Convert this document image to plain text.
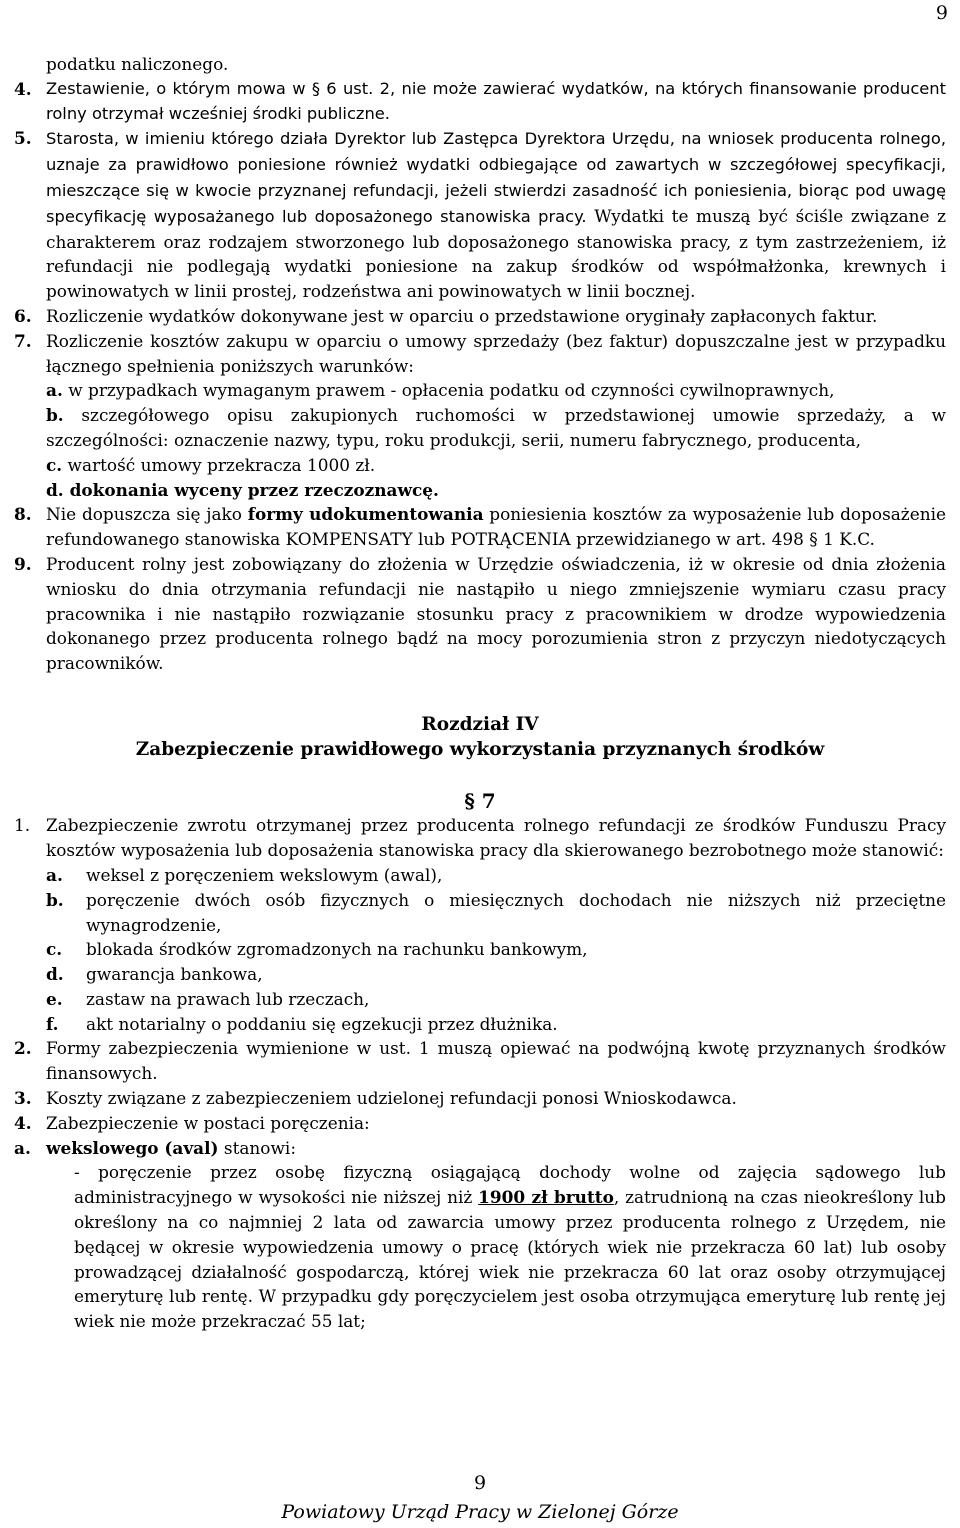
9
podatku naliczonego.
4. Zestawienie, o którym mowa w § 6 ust. 2, nie może zawierać wydatków, na których finansowanie producent rolny otrzymał wcześniej środki publiczne.
5. Starosta, w imieniu którego działa Dyrektor lub Zastępca Dyrektora Urzędu, na wniosek producenta rolnego, uznaje za prawidłowo poniesione również wydatki odbiegające od zawartych w szczegółowej specyfikacji, mieszczące się w kwocie przyznanej refundacji, jeżeli stwierdzi zasadność ich poniesienia, biorąc pod uwagę specyfikację wyposażanego lub doposażonego stanowiska pracy. Wydatki te muszą być ściśle związane z charakterem oraz rodzajem stworzonego lub doposażonego stanowiska pracy, z tym zastrzeżeniem, iż refundacji nie podlegają wydatki poniesione na zakup środków od współmałżonka, krewnych i powinowatych w linii prostej, rodzeństwa ani powinowatych w linii bocznej.
6. Rozliczenie wydatków dokonywane jest w oparciu o przedstawione oryginały zapłaconych faktur.
7. Rozliczenie kosztów zakupu w oparciu o umowy sprzedaży (bez faktur) dopuszczalne jest w przypadku łącznego spełnienia poniższych warunków:
a. w przypadkach wymaganym prawem - opłacenia podatku od czynności cywilnoprawnych,
b. szczegółowego opisu zakupionych ruchomości w przedstawionej umowie sprzedaży, a w szczególności: oznaczenie nazwy, typu, roku produkcji, serii, numeru fabrycznego, producenta,
c. wartość umowy przekracza 1000 zł.
d. dokonania wyceny przez rzeczoznawcę.
8. Nie dopuszcza się jako formy udokumentowania poniesienia kosztów za wyposażenie lub doposażenie refundowanego stanowiska KOMPENSATY lub POTRĄCENIA przewidzianego w art. 498 § 1 K.C.
9. Producent rolny jest zobowiązany do złożenia w Urzędzie oświadczenia, iż w okresie od dnia złożenia wniosku do dnia otrzymania refundacji nie nastąpiło u niego zmniejszenie wymiaru czasu pracy pracownika i nie nastąpiło rozwiązanie stosunku pracy z pracownikiem w drodze wypowiedzenia dokonanego przez producenta rolnego bądź na mocy porozumienia stron z przyczyn niedotyczących pracowników.
Rozdział IV
Zabezpieczenie prawidłowego wykorzystania przyznanych środków
§ 7
1. Zabezpieczenie zwrotu otrzymanej przez producenta rolnego refundacji ze środków Funduszu Pracy kosztów wyposażenia lub doposażenia stanowiska pracy dla skierowanego bezrobotnego może stanowić:
a. weksel z poręczeniem wekslowym (awal),
b. poręczenie dwóch osób fizycznych o miesięcznych dochodach nie niższych niż przeciętne wynagrodzenie,
c. blokada środków zgromadzonych na rachunku bankowym,
d. gwarancja bankowa,
e. zastaw na prawach lub rzeczach,
f. akt notarialny o poddaniu się egzekucji przez dłużnika.
2. Formy zabezpieczenia wymienione w ust. 1 muszą opiewać na podwójną kwotę przyznanych środków finansowych.
3. Koszty związane z zabezpieczeniem udzielonej refundacji ponosi Wnioskodawca.
4. Zabezpieczenie w postaci poręczenia:
a. wekslowego (aval) stanowi:
- poręczenie przez osobę fizyczną osiągającą dochody wolne od zajęcia sądowego lub administracyjnego w wysokości nie niższej niż 1900 zł brutto, zatrudnioną na czas nieokreślony lub określony na co najmniej 2 lata od zawarcia umowy przez producenta rolnego z Urzędem, nie będącej w okresie wypowiedzenia umowy o pracę (których wiek nie przekracza 60 lat) lub osoby prowadzącej działalność gospodarczą, której wiek nie przekracza 60 lat oraz osoby otrzymującej emeryturę lub rentę. W przypadku gdy poręczycielem jest osoba otrzymująca emeryturę lub rentę jej wiek nie może przekraczać 55 lat;
9
Powiatowy Urząd Pracy w Zielonej Górze
